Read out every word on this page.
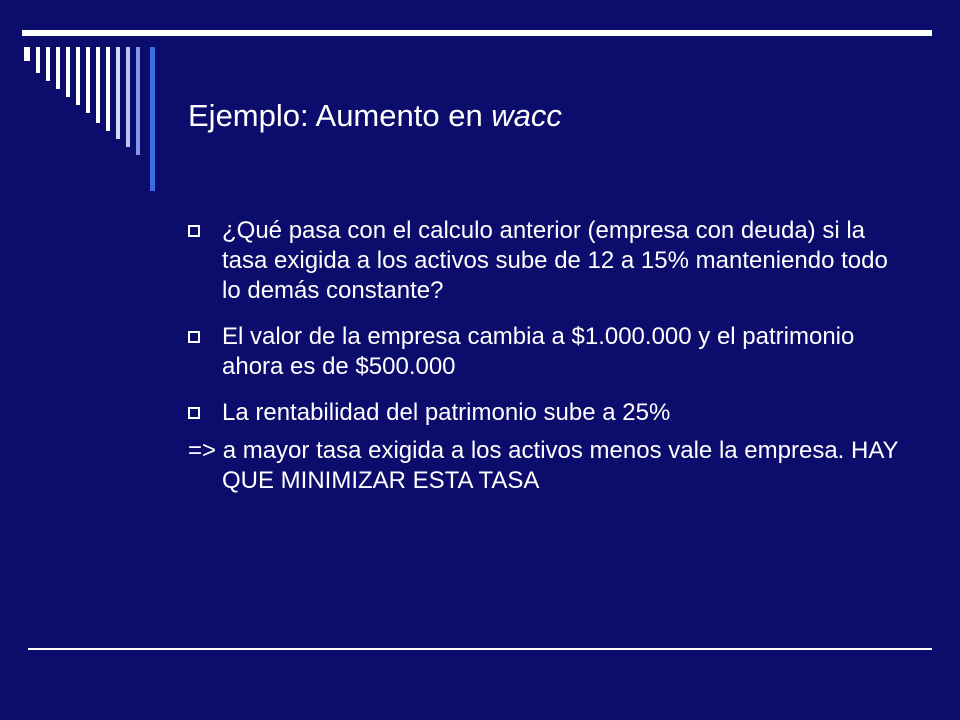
Ejemplo: Aumento en wacc
¿Qué pasa con el calculo anterior (empresa con deuda) si la tasa exigida a los activos sube de 12 a 15% manteniendo todo lo demás constante?
El valor de la empresa cambia a $1.000.000 y el patrimonio ahora es de $500.000
La rentabilidad del patrimonio sube a 25%
=> a mayor tasa exigida a los activos menos vale la empresa. HAY QUE MINIMIZAR ESTA TASA
